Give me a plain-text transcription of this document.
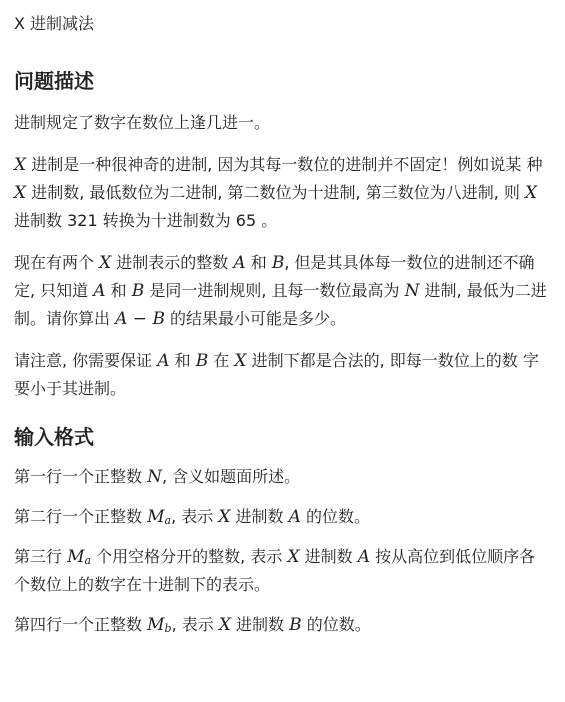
X 进制减法
问题描述

进制规定了数字在数位上逢几进一。

X 进制是一种很神奇的进制, 因为其每一数位的进制并不固定！例如说某 种 X 进制数, 最低数位为二进制, 第二数位为十进制, 第三数位为八进制, 则 X 进制数 321 转换为十进制数为 65 。

现在有两个 X 进制表示的整数 A 和 B, 但是其具体每一数位的进制还不确 定, 只知道 A 和 B 是同一进制规则, 且每一数位最高为 N 进制, 最低为二进 制。请你算出 A − B 的结果最小可能是多少。

请注意, 你需要保证 A 和 B 在 X 进制下都是合法的, 即每一数位上的数 字要小于其进制。

输入格式

第一行一个正整数 N, 含义如题面所述。

第二行一个正整数 $M_a$, 表示 X 进制数 A 的位数。

第三行 $M_a$ 个用空格分开的整数, 表示 X 进制数 A 按从高位到低位顺序各 个数位上的数字在十进制下的表示。

第四行一个正整数 $M_b$, 表示 X 进制数 B 的位数。
